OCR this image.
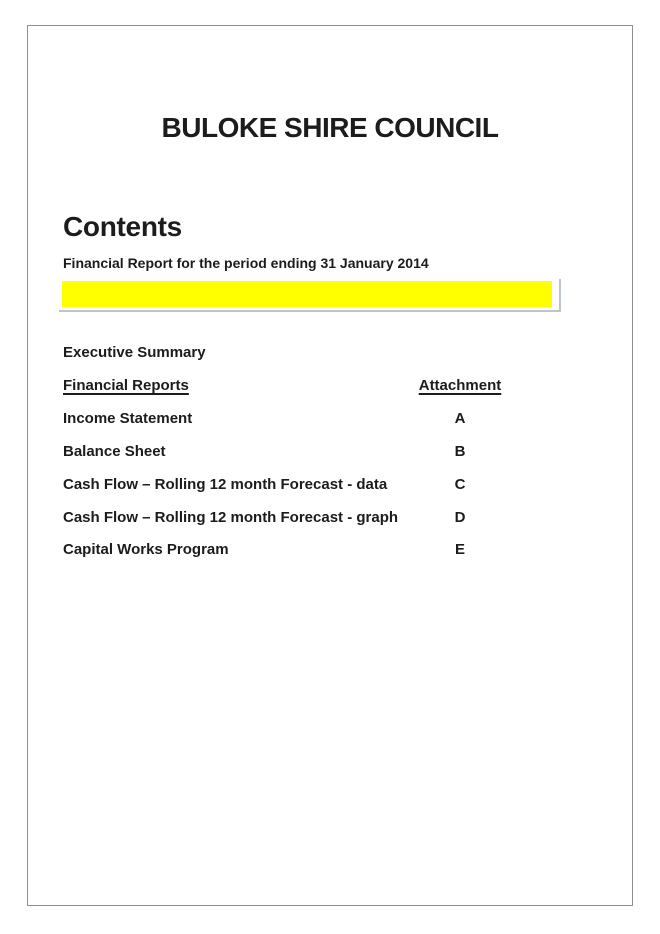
BULOKE SHIRE COUNCIL
Contents
Financial Report for the period ending 31 January 2014
Executive Summary
Financial Reports	Attachment
Income Statement	A
Balance Sheet	B
Cash Flow – Rolling 12 month Forecast - data	C
Cash Flow – Rolling 12 month Forecast - graph	D
Capital Works Program	E
